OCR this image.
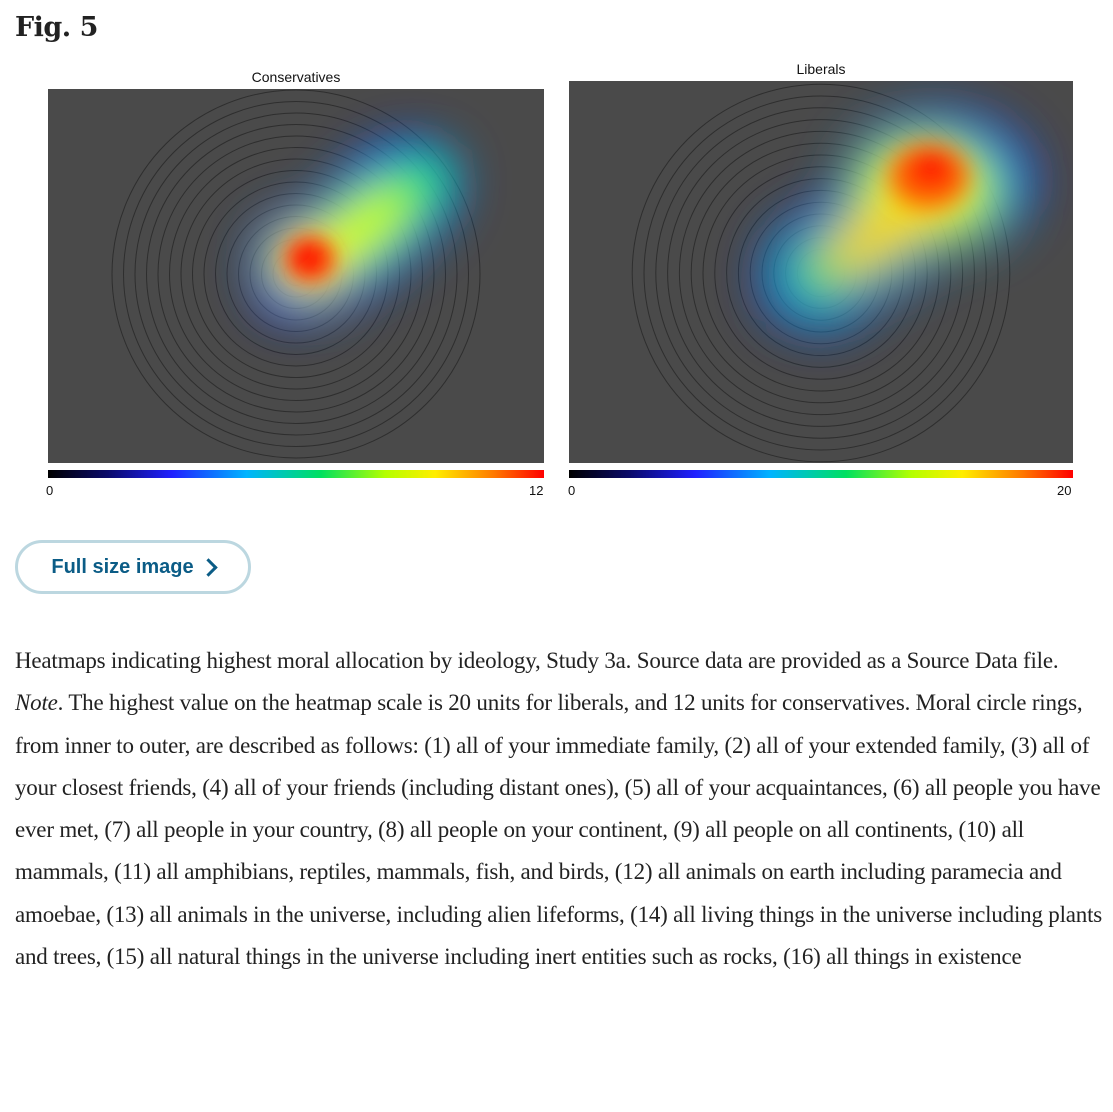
Fig. 5
Conservatives
0	12
Liberals
0	20
Full size image
Heatmaps indicating highest moral allocation by ideology, Study 3a. Source data are provided as a Source Data file. Note. The highest value on the heatmap scale is 20 units for liberals, and 12 units for conservatives. Moral circle rings, from inner to outer, are described as follows: (1) all of your immediate family, (2) all of your extended family, (3) all of your closest friends, (4) all of your friends (including distant ones), (5) all of your acquaintances, (6) all people you have ever met, (7) all people in your country, (8) all people on your continent, (9) all people on all continents, (10) all mammals, (11) all amphibians, reptiles, mammals, fish, and birds, (12) all animals on earth including paramecia and amoebae, (13) all animals in the universe, including alien lifeforms, (14) all living things in the universe including plants and trees, (15) all natural things in the universe including inert entities such as rocks, (16) all things in existence
